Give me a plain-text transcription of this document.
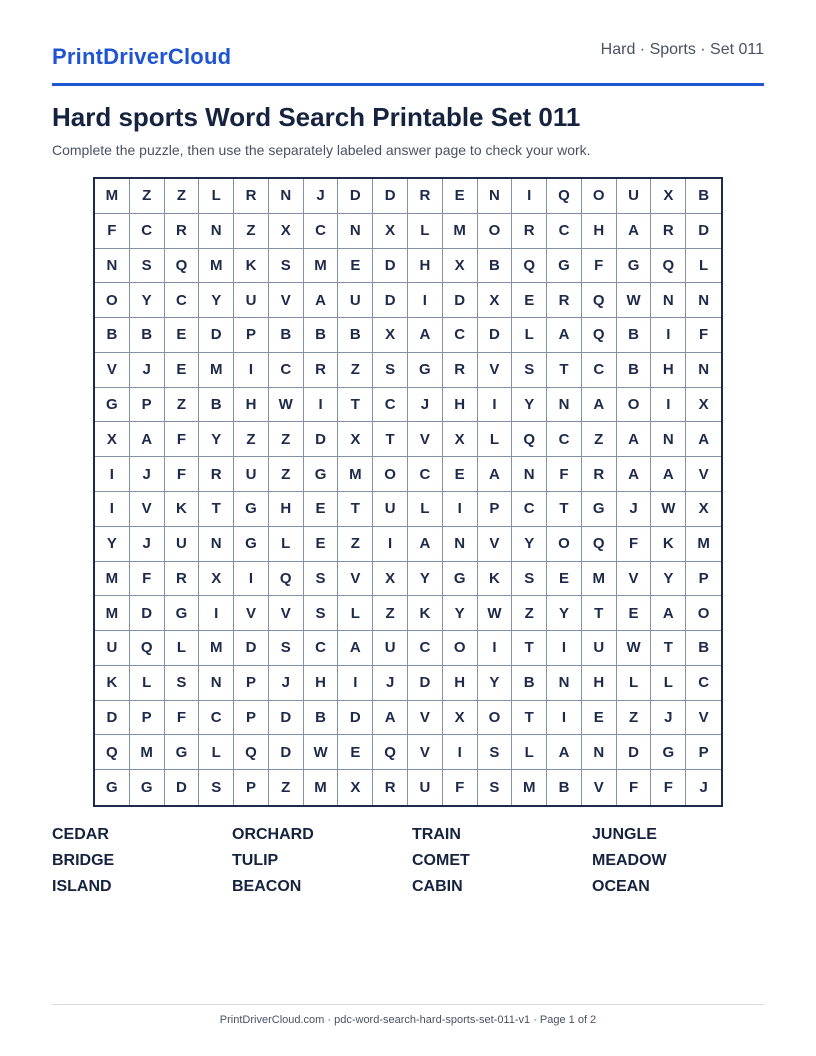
PrintDriverCloud	Hard · Sports · Set 011
Hard sports Word Search Printable Set 011
Complete the puzzle, then use the separately labeled answer page to check your work.
M	Z	Z	L	R	N	J	D	D	R	E	N	I	Q	O	U	X	B
F	C	R	N	Z	X	C	N	X	L	M	O	R	C	H	A	R	D
N	S	Q	M	K	S	M	E	D	H	X	B	Q	G	F	G	Q	L
O	Y	C	Y	U	V	A	U	D	I	D	X	E	R	Q	W	N	N
B	B	E	D	P	B	B	B	X	A	C	D	L	A	Q	B	I	F
V	J	E	M	I	C	R	Z	S	G	R	V	S	T	C	B	H	N
G	P	Z	B	H	W	I	T	C	J	H	I	Y	N	A	O	I	X
X	A	F	Y	Z	Z	D	X	T	V	X	L	Q	C	Z	A	N	A
I	J	F	R	U	Z	G	M	O	C	E	A	N	F	R	A	A	V
I	V	K	T	G	H	E	T	U	L	I	P	C	T	G	J	W	X
Y	J	U	N	G	L	E	Z	I	A	N	V	Y	O	Q	F	K	M
M	F	R	X	I	Q	S	V	X	Y	G	K	S	E	M	V	Y	P
M	D	G	I	V	V	S	L	Z	K	Y	W	Z	Y	T	E	A	O
U	Q	L	M	D	S	C	A	U	C	O	I	T	I	U	W	T	B
K	L	S	N	P	J	H	I	J	D	H	Y	B	N	H	L	L	C
D	P	F	C	P	D	B	D	A	V	X	O	T	I	E	Z	J	V
Q	M	G	L	Q	D	W	E	Q	V	I	S	L	A	N	D	G	P
G	G	D	S	P	Z	M	X	R	U	F	S	M	B	V	F	F	J
CEDAR	ORCHARD	TRAIN	JUNGLE
BRIDGE	TULIP	COMET	MEADOW
ISLAND	BEACON	CABIN	OCEAN
PrintDriverCloud.com · pdc-word-search-hard-sports-set-011-v1 · Page 1 of 2
